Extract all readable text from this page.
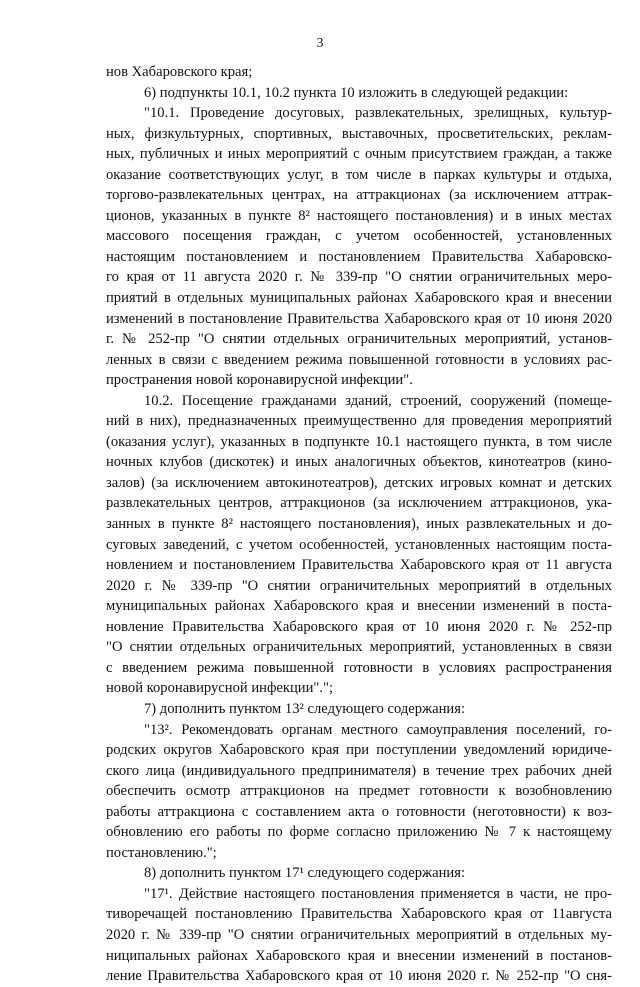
3
нов Хабаровского края;
6) подпункты 10.1, 10.2 пункта 10 изложить в следующей редакции:
"10.1. Проведение досуговых, развлекательных, зрелищных, культур-
ных, физкультурных, спортивных, выставочных, просветительских, реклам-
ных, публичных и иных мероприятий с очным присутствием граждан, а также
оказание соответствующих услуг, в том числе в парках культуры и отдыха,
торгово-развлекательных центрах, на аттракционах (за исключением аттрак-
ционов, указанных в пункте 8² настоящего постановления) и в иных местах
массового посещения граждан, с учетом особенностей, установленных
настоящим постановлением и постановлением Правительства Хабаровско-
го края от 11 августа 2020 г. № 339-пр "О снятии ограничительных меро-
приятий в отдельных муниципальных районах Хабаровского края и внесении
изменений в постановление Правительства Хабаровского края от 10 июня 2020
г. № 252-пр "О снятии отдельных ограничительных мероприятий, установ-
ленных в связи с введением режима повышенной готовности в условиях рас-
пространения новой коронавирусной инфекции".
10.2. Посещение гражданами зданий, строений, сооружений (помеще-
ний в них), предназначенных преимущественно для проведения мероприятий
(оказания услуг), указанных в подпункте 10.1 настоящего пункта, в том числе
ночных клубов (дискотек) и иных аналогичных объектов, кинотеатров (кино-
залов) (за исключением автокинотеатров), детских игровых комнат и детских
развлекательных центров, аттракционов (за исключением аттракционов, ука-
занных в пункте 8² настоящего постановления), иных развлекательных и до-
суговых заведений, с учетом особенностей, установленных настоящим поста-
новлением и постановлением Правительства Хабаровского края от 11 августа
2020 г. № 339-пр "О снятии ограничительных мероприятий в отдельных
муниципальных районах Хабаровского края и внесении изменений в поста-
новление Правительства Хабаровского края от 10 июня 2020 г. № 252-пр
"О снятии отдельных ограничительных мероприятий, установленных в связи
с введением режима повышенной готовности в условиях распространения
новой коронавирусной инфекции".";
7) дополнить пунктом 13² следующего содержания:
"13². Рекомендовать органам местного самоуправления поселений, го-
родских округов Хабаровского края при поступлении уведомлений юридиче-
ского лица (индивидуального предпринимателя) в течение трех рабочих дней
обеспечить осмотр аттракционов на предмет готовности к возобновлению
работы аттракциона с составлением акта о готовности (неготовности) к воз-
обновлению его работы по форме согласно приложению № 7 к настоящему
постановлению.";
8) дополнить пунктом 17¹ следующего содержания:
"17¹. Действие настоящего постановления применяется в части, не про-
тиворечащей постановлению Правительства Хабаровского края от 11августа
2020 г. № 339-пр "О снятии ограничительных мероприятий в отдельных му-
ниципальных районах Хабаровского края и внесении изменений в постанов-
ление Правительства Хабаровского края от 10 июня 2020 г. № 252-пр "О сня-
